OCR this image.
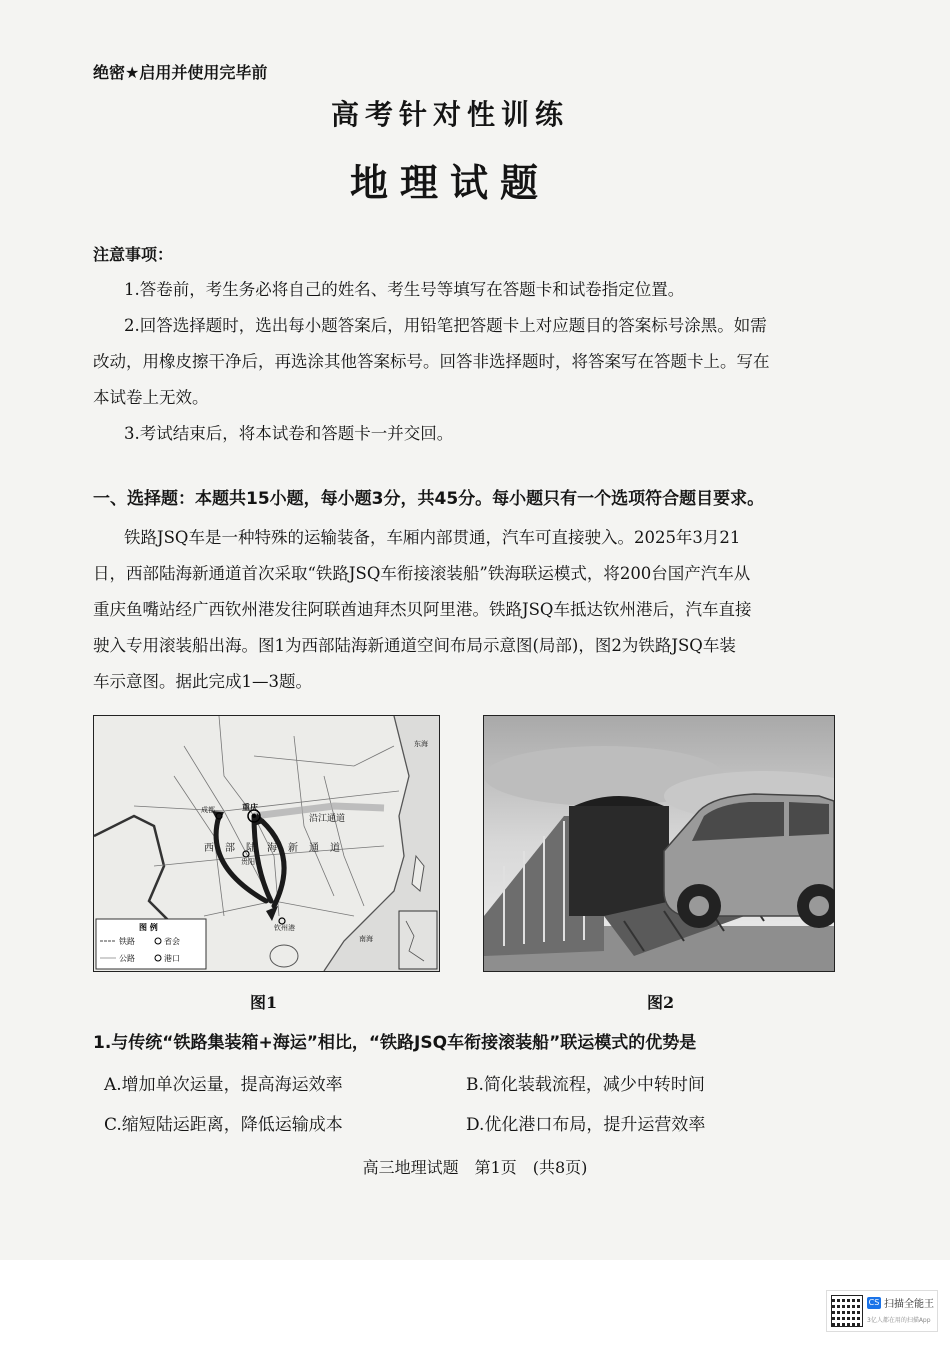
绝密★启用并使用完毕前
高考针对性训练
地理试题
注意事项：
1.答卷前，考生务必将自己的姓名、考生号等填写在答题卡和试卷指定位置。
2.回答选择题时，选出每小题答案后，用铅笔把答题卡上对应题目的答案标号涂黑。如需
改动，用橡皮擦干净后，再选涂其他答案标号。回答非选择题时，将答案写在答题卡上。写在
本试卷上无效。
3.考试结束后，将本试卷和答题卡一并交回。
一、选择题：本题共15小题，每小题3分，共45分。每小题只有一个选项符合题目要求。
铁路JSQ车是一种特殊的运输装备，车厢内部贯通，汽车可直接驶入。2025年3月21
日，西部陆海新通道首次采取“铁路JSQ车衔接滚装船”铁海联运模式，将200台国产汽车从
重庆鱼嘴站经广西钦州港发往阿联酋迪拜杰贝阿里港。铁路JSQ车抵达钦州港后，汽车直接
驶入专用滚装船出海。图1为西部陆海新通道空间布局示意图(局部)，图2为铁路JSQ车装
车示意图。据此完成1—3题。
成都	重庆
贵阳
钦州港
沿江通道
东海
南海
西部陆海新通道
图 例
铁路	省会
公路	港口
图1	图2
1.与传统“铁路集装箱+海运”相比，“铁路JSQ车衔接滚装船”联运模式的优势是
A.增加单次运量，提高海运效率	B.简化装载流程，减少中转时间
C.缩短陆运距离，降低运输成本	D.优化港口布局，提升运营效率
高三地理试题　第1页　(共8页)
CS 扫描全能王
3亿人都在用的扫描App
